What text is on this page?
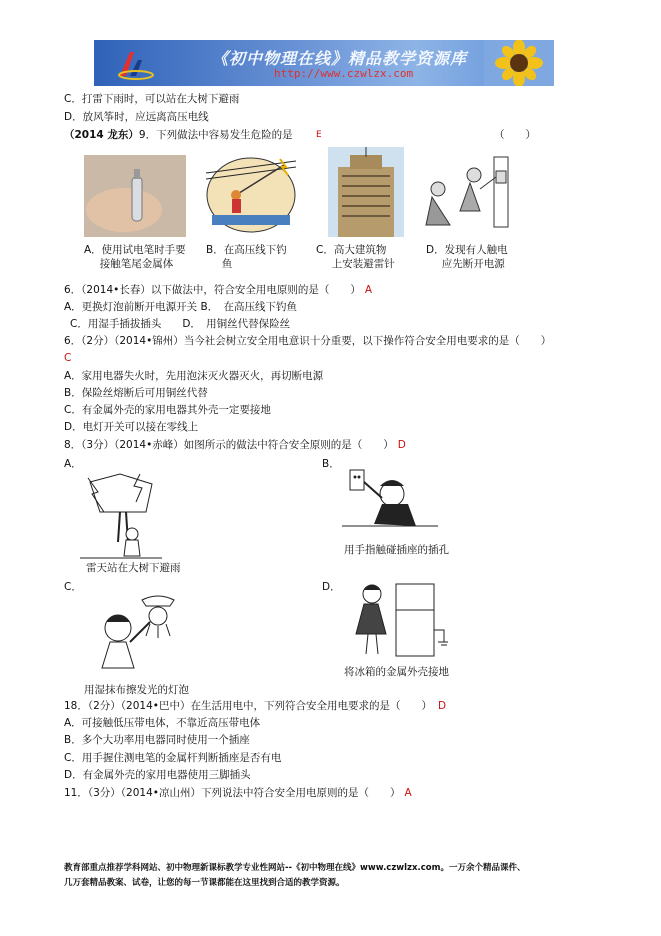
《初中物理在线》精品教学资源库
http://www.czwlzx.com
C．打雷下雨时，可以站在大树下避雨
D．放风筝时，应远离高压电线
（2014 龙东）9．下列做法中容易发生危险的是	E	（　　）
A．使用试电笔时手要
接触笔尾金属体
B．在高压线下钓
鱼
C．高大建筑物
上安装避雷针
D．发现有人触电
应先断开电源
6．（2014•长春）以下做法中，符合安全用电原则的是（　　） A
A．更换灯泡前断开电源开关 B．　在高压线下钓鱼
C．用湿手插拔插头　　D．　用铜丝代替保险丝
6．（2分）（2014•锦州）当今社会树立安全用电意识十分重要，以下操作符合安全用电要求的是（　　）
C
A．家用电器失火时，先用泡沫灭火器灭火，再切断电源
B．保险丝熔断后可用铜丝代替
C．有金属外壳的家用电器其外壳一定要接地
D．电灯开关可以接在零线上
8．（3分）（2014•赤峰）如图所示的做法中符合安全原则的是（　　） D
A．	B．
雷天站在大树下避雨
用手指触碰插座的插孔
C．	D．
用湿抹布擦发光的灯泡
将冰箱的金属外壳接地
18．（2分）（2014•巴中）在生活用电中，下列符合安全用电要求的是（　　） D
A．可接触低压带电体，不靠近高压带电体
B．多个大功率用电器同时使用一个插座
C．用手握住测电笔的金属杆判断插座是否有电
D．有金属外壳的家用电器使用三脚插头
11．（3分）（2014•凉山州）下列说法中符合安全用电原则的是（　　） A
教育部重点推荐学科网站、初中物理新课标教学专业性网站--《初中物理在线》www.czwlzx.com。一万余个精品课件、
几万套精品教案、试卷，让您的每一节课都能在这里找到合适的教学资源。
